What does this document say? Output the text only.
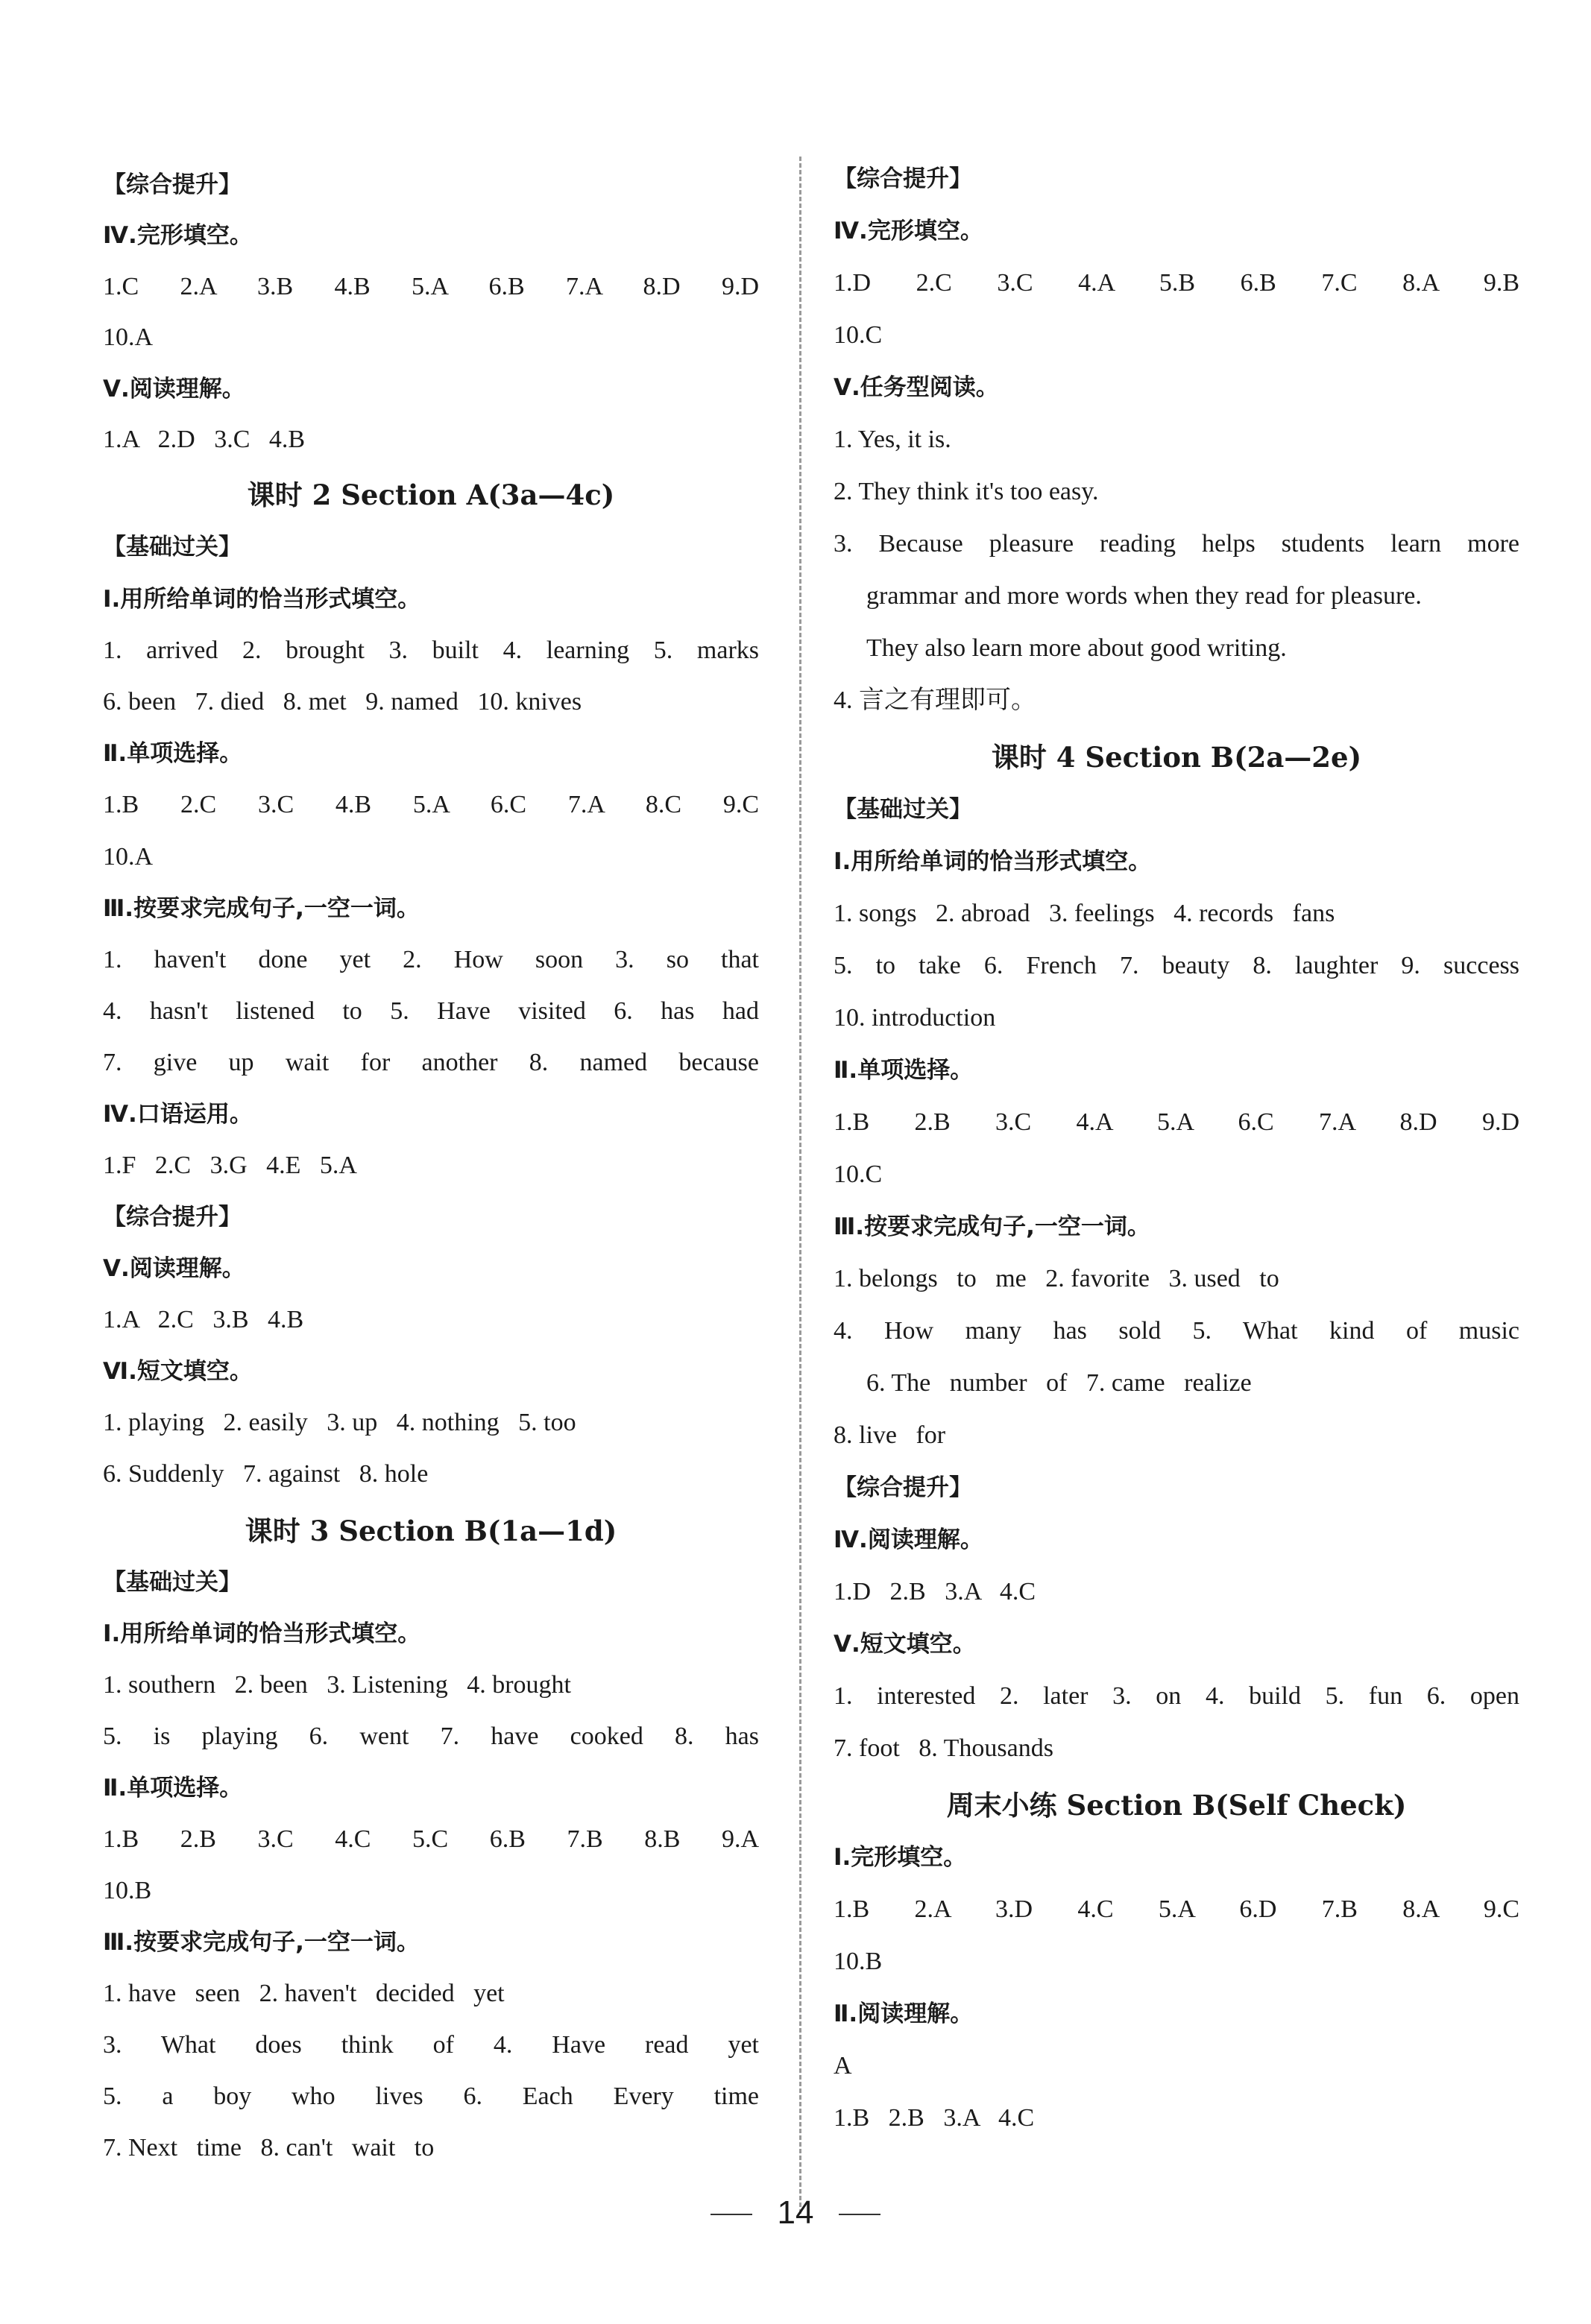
【综合提升】
Ⅳ.完形填空。
1.C 2.A 3.B 4.B 5.A 6.B 7.A 8.D 9.D
10.A
Ⅴ.阅读理解。
1.A   2.D   3.C   4.B
课时 2 Section A(3a—4c)
【基础过关】
Ⅰ.用所给单词的恰当形式填空。
1. arrived 2. brought 3. built 4. learning 5. marks
6. been   7. died   8. met   9. named   10. knives
Ⅱ.单项选择。
1.B 2.C 3.C 4.B 5.A 6.C 7.A 8.C 9.C
10.A
Ⅲ.按要求完成句子,一空一词。
1. haven't done yet 2. How soon 3. so that
4. hasn't listened to 5. Have visited 6. has had
7. give up wait for another 8. named because
Ⅳ.口语运用。
1.F   2.C   3.G   4.E   5.A
【综合提升】
Ⅴ.阅读理解。
1.A   2.C   3.B   4.B
Ⅵ.短文填空。
1. playing   2. easily   3. up   4. nothing   5. too
6. Suddenly   7. against   8. hole
课时 3 Section B(1a—1d)
【基础过关】
Ⅰ.用所给单词的恰当形式填空。
1. southern   2. been   3. Listening   4. brought
5. is playing 6. went 7. have cooked 8. has
Ⅱ.单项选择。
1.B 2.B 3.C 4.C 5.C 6.B 7.B 8.B 9.A
10.B
Ⅲ.按要求完成句子,一空一词。
1. have   seen   2. haven't   decided   yet
3. What does think of 4. Have read yet
5. a boy who lives 6. Each Every time
7. Next   time   8. can't   wait   to
【综合提升】
Ⅳ.完形填空。
1.D 2.C 3.C 4.A 5.B 6.B 7.C 8.A 9.B
10.C
Ⅴ.任务型阅读。
1. Yes, it is.
2. They think it's too easy.
3. Because pleasure reading helps students learn more
grammar and more words when they read for pleasure.
They also learn more about good writing.
4. 言之有理即可。
课时 4 Section B(2a—2e)
【基础过关】
Ⅰ.用所给单词的恰当形式填空。
1. songs   2. abroad   3. feelings   4. records   fans
5. to take 6. French 7. beauty 8. laughter 9. success
10. introduction
Ⅱ.单项选择。
1.B 2.B 3.C 4.A 5.A 6.C 7.A 8.D 9.D
10.C
Ⅲ.按要求完成句子,一空一词。
1. belongs   to   me   2. favorite   3. used   to
4. How many has sold 5. What kind of music
6. The   number   of   7. came   realize
8. live   for
【综合提升】
Ⅳ.阅读理解。
1.D   2.B   3.A   4.C
Ⅴ.短文填空。
1. interested 2. later 3. on 4. build 5. fun 6. open
7. foot   8. Thousands
周末小练 Section B(Self Check)
Ⅰ.完形填空。
1.B 2.A 3.D 4.C 5.A 6.D 7.B 8.A 9.C
10.B
Ⅱ.阅读理解。
A
1.B   2.B   3.A   4.C
14
